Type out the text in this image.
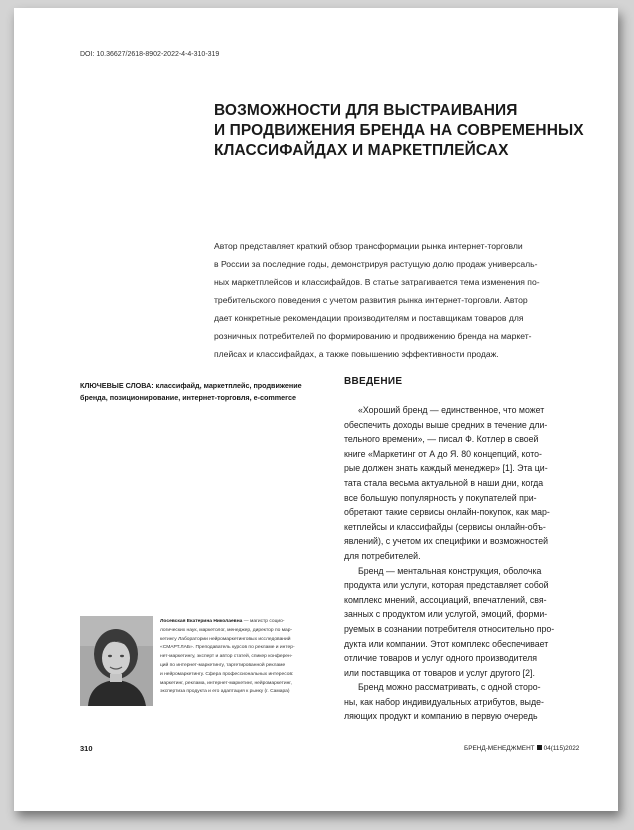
DOI: 10.36627/2618-8902-2022-4-4-310-319
ВОЗМОЖНОСТИ ДЛЯ ВЫСТРАИВАНИЯ
И ПРОДВИЖЕНИЯ БРЕНДА НА СОВРЕМЕННЫХ
КЛАССИФАЙДАХ И МАРКЕТПЛЕЙСАХ
Автор представляет краткий обзор трансформации рынка интернет-торговли
в России за последние годы, демонстрируя растущую долю продаж универсаль-
ных маркетплейсов и классифайдов. В статье затрагивается тема изменения по-
требительского поведения с учетом развития рынка интернет-торговли. Автор
дает конкретные рекомендации производителям и поставщикам товаров для
розничных потребителей по формированию и продвижению бренда на маркет-
плейсах и классифайдах, а также повышению эффективности продаж.
КЛЮЧЕВЫЕ СЛОВА: классифайд, маркетплейс, продвижение
бренда, позиционирование, интернет-торговля, e-commerce
ВВЕДЕНИЕ
«Хороший бренд — единственное, что может
обеспечить доходы выше средних в течение дли-
тельного времени», — писал Ф. Котлер в своей
книге «Маркетинг от А до Я. 80 концепций, кото-
рые должен знать каждый менеджер» [1]. Эта ци-
тата стала весьма актуальной в наши дни, когда
все большую популярность у покупателей при-
обретают такие сервисы онлайн-покупок, как мар-
кетплейсы и классифайды (сервисы онлайн-объ-
явлений), с учетом их специфики и возможностей
для потребителей.
Бренд — ментальная конструкция, оболочка
продукта или услуги, которая представляет собой
комплекс мнений, ассоциаций, впечатлений, свя-
занных с продуктом или услугой, эмоций, форми-
руемых в сознании потребителя относительно про-
дукта или компании. Этот комплекс обеспечивает
отличие товаров и услуг одного производителя
или поставщика от товаров и услуг другого [2].
Бренд можно рассматривать, с одной сторо-
ны, как набор индивидуальных атрибутов, выде-
ляющих продукт и компанию в первую очередь
Лосевская Екатерина Николаевна — магистр социо-
логических наук, маркетолог, менеджер, директор по мар-
кетингу Лаборатории нейромаркетинговых исследований
«СМАРТ.ЛАБ». Преподаватель курсов по рекламе и интер-
нет-маркетингу, эксперт и автор статей, спикер конферен-
ций по интернет-маркетингу, таргетированной рекламе
и нейромаркетингу. Сфера профессиональных интересов:
маркетинг, реклама, интернет-маркетинг, нейромаркетинг,
экспертиза продукта и его адаптация к рынку (г. Самара)
310	БРЕНД-МЕНЕДЖМЕНТ 04(115)2022
